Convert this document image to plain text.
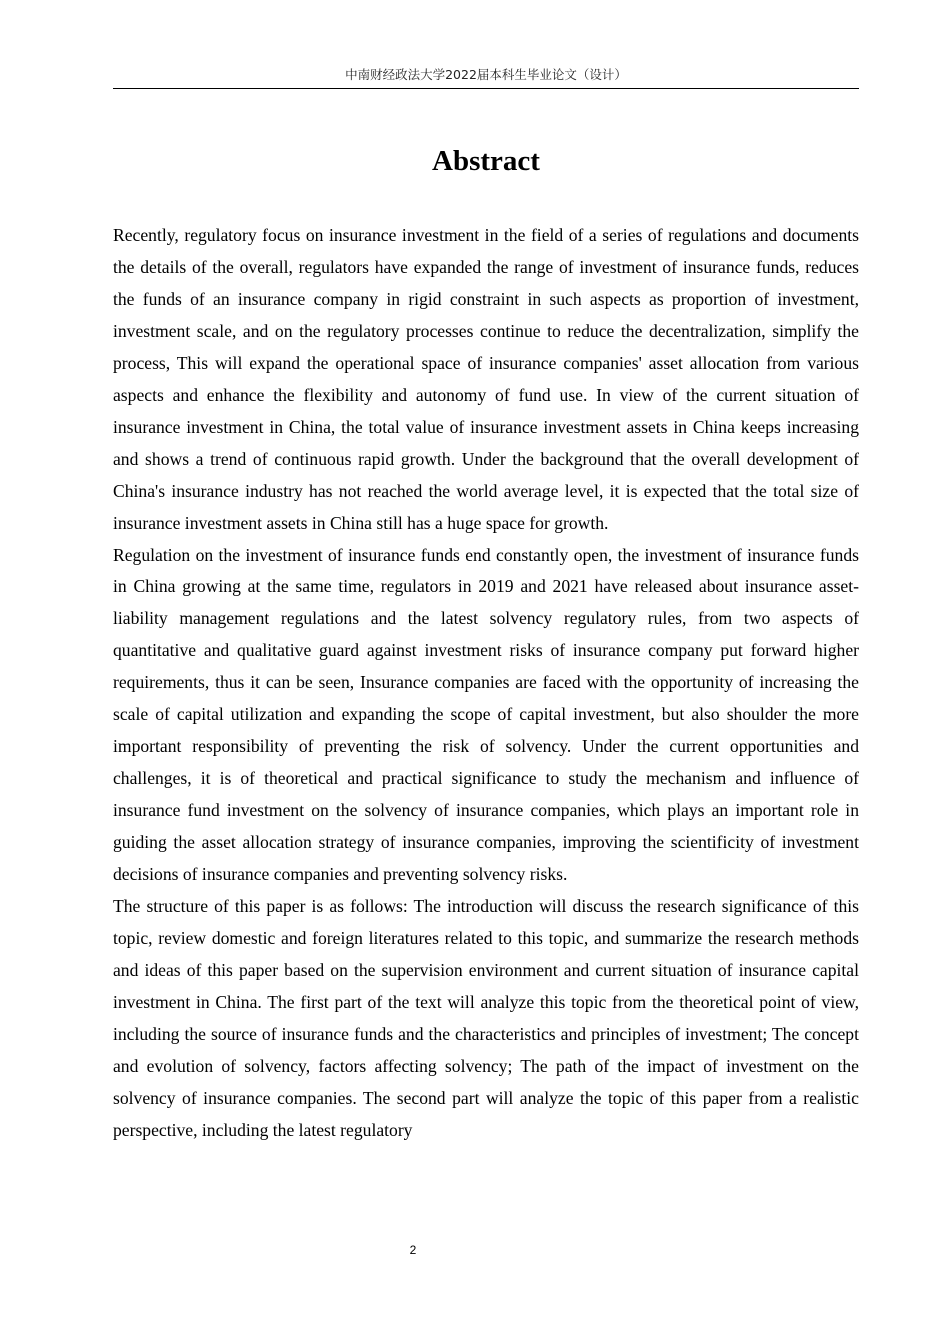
中南财经政法大学2022届本科生毕业论文（设计）
Abstract

Recently, regulatory focus on insurance investment in the field of a series of regulations and documents the details of the overall, regulators have expanded the range of investment of insurance funds, reduces the funds of an insurance company in rigid constraint in such aspects as proportion of investment, investment scale, and on the regulatory processes continue to reduce the decentralization, simplify the process, This will expand the operational space of insurance companies' asset allocation from various aspects and enhance the flexibility and autonomy of fund use. In view of the current situation of insurance investment in China, the total value of insurance investment assets in China keeps increasing and shows a trend of continuous rapid growth. Under the background that the overall development of China's insurance industry has not reached the world average level, it is expected that the total size of insurance investment assets in China still has a huge space for growth.

Regulation on the investment of insurance funds end constantly open, the investment of insurance funds in China growing at the same time, regulators in 2019 and 2021 have released about insurance asset-liability management regulations and the latest solvency regulatory rules, from two aspects of quantitative and qualitative guard against investment risks of insurance company put forward higher requirements, thus it can be seen, Insurance companies are faced with the opportunity of increasing the scale of capital utilization and expanding the scope of capital investment, but also shoulder the more important responsibility of preventing the risk of solvency. Under the current opportunities and challenges, it is of theoretical and practical significance to study the mechanism and influence of insurance fund investment on the solvency of insurance companies, which plays an important role in guiding the asset allocation strategy of insurance companies, improving the scientificity of investment decisions of insurance companies and preventing solvency risks.

The structure of this paper is as follows: The introduction will discuss the research significance of this topic, review domestic and foreign literatures related to this topic, and summarize the research methods and ideas of this paper based on the supervision environment and current situation of insurance capital investment in China. The first part of the text will analyze this topic from the theoretical point of view, including the source of insurance funds and the characteristics and principles of investment; The concept and evolution of solvency, factors affecting solvency; The path of the impact of investment on the solvency of insurance companies. The second part will analyze the topic of this paper from a realistic perspective, including the latest regulatory

2
